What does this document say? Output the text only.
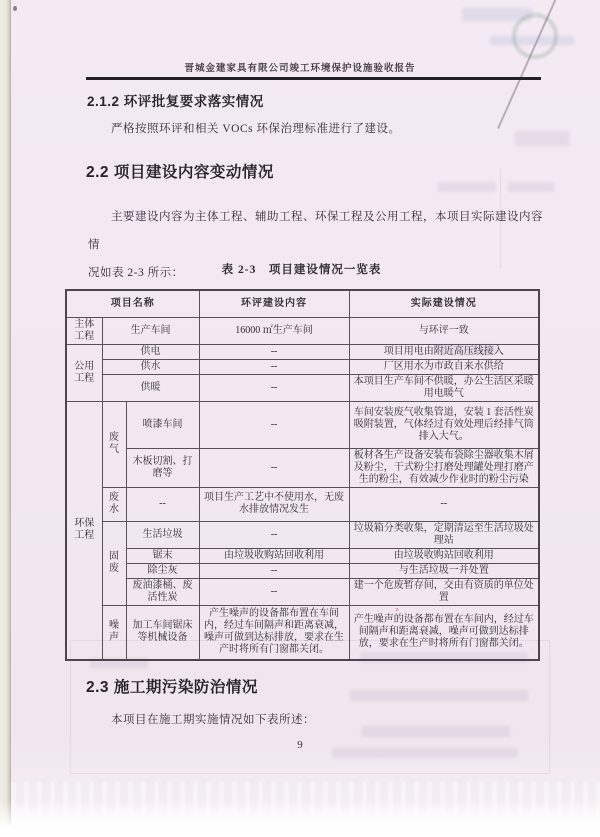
晋城金建家具有限公司竣工环境保护设施验收报告
2.1.2 环评批复要求落实情况
严格按照环评和相关 VOCs 环保治理标准进行了建设。
2.2 项目建设内容变动情况
主要建设内容为主体工程、辅助工程、环保工程及公用工程，本项目实际建设内容情
况如表 2-3 所示：	表 2-3　项目建设情况一览表
项目名称			环评建设内容	实际建设情况
主体工程	生产车间		16000 ㎡生产车间	与环评一致
公用工程	供电		--	项目用电由附近高压线接入
	供水		--	厂区用水为市政自来水供给
	供暖		--	本项目生产车间不供暖，办公生活区采暖用电暖气
环保工程	废气	喷漆车间	--	车间安装废气收集管道，安装 1 套活性炭吸附装置，气体经过有效处理后经排气筒排入大气。
		木板切割、打磨等	--	板材各生产设备安装布袋除尘器收集木屑及粉尘，干式粉尘打磨处理罐处理打磨产生的粉尘，有效减少作业时的粉尘污染
	废水	--	项目生产工艺中不使用水，无废水排放情况发生	--
	固废	生活垃圾	--	垃圾箱分类收集，定期清运至生活垃圾处理站
		锯末	由垃圾收购站回收利用	由垃圾收购站回收利用
		除尘灰	--	与生活垃圾一并处置
		废油漆桶、废活性炭	--	建一个危废暂存间，交由有资质的单位处置
	噪声	加工车间锯床等机械设备	产生噪声的设备都布置在车间内，经过车间隔声和距离衰减，噪声可做到达标排放，要求在生产时将所有门窗都关闭。	产生噪声的设备都布置在车间内，经过车间隔声和距离衰减，噪声可做到达标排放，要求在生产时将所有门窗都关闭。
ᶻ
2.3 施工期污染防治情况
本项目在施工期实施情况如下表所述：
9
